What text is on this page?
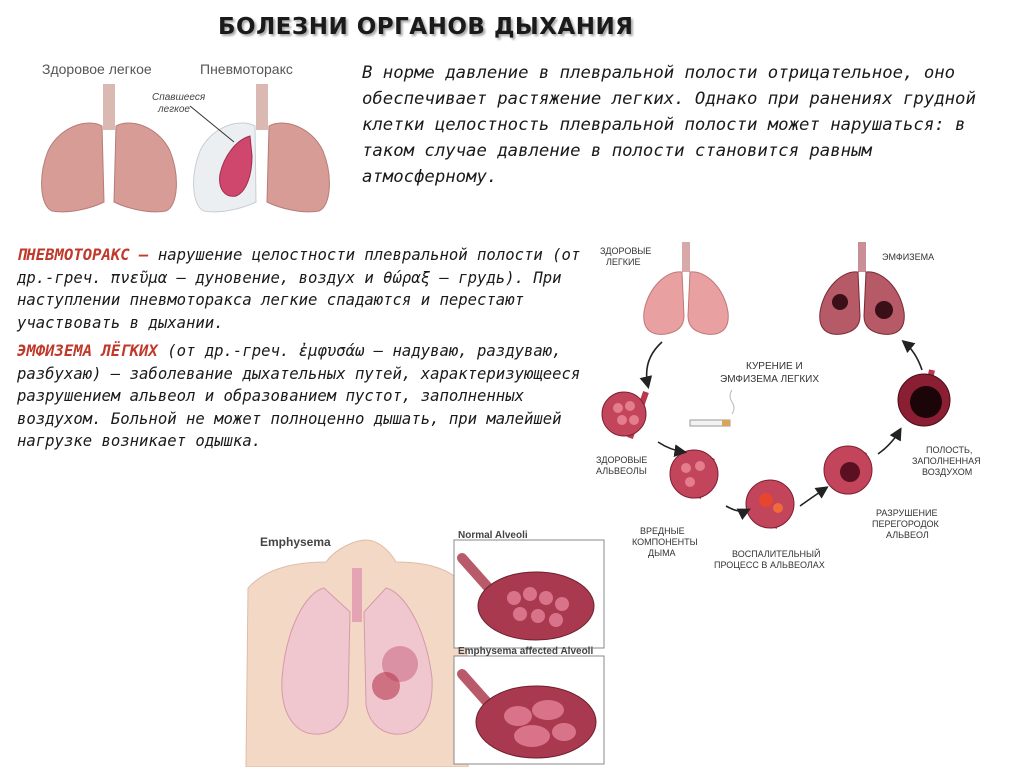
БОЛЕЗНИ ОРГАНОВ ДЫХАНИЯ
Здоровое легкое	Пневмоторакс
Спавшееся
легкое
В норме давление в плевральной полости отрицательное, оно обеспечивает растяжение легких. Однако при ранениях грудной клетки целостность плевральной полости может нарушаться: в таком случае давление в полости становится равным атмосферному.
ПНЕВМОТОРАКС – нарушение целостности плевральной полости (от др.-греч. πνεῦμα — дуновение, воздух и θώραξ — грудь). При наступлении пневмоторакса легкие спадаются и перестают участвовать в дыхании.
ЭМФИЗЕМА ЛЁГКИХ (от др.-греч. ἐμφυσάω — надуваю, раздуваю, разбухаю) — заболевание дыхательных путей, характеризующееся разрушением альвеол и образованием пустот, заполненных воздухом. Больной не может полноценно дышать, при малейшей нагрузке возникает одышка.
ЗДОРОВЫЕ
ЛЕГКИЕ	ЭМФИЗЕМА
КУРЕНИЕ И
ЭМФИЗЕМА ЛЕГКИХ
ЗДОРОВЫЕ
АЛЬВЕОЛЫ
ВРЕДНЫЕ
КОМПОНЕНТЫ
ДЫМА	ВОСПАЛИТЕЛЬНЫЙ
ПРОЦЕСС В АЛЬВЕОЛАХ
РАЗРУШЕНИЕ
ПЕРЕГОРОДОК
АЛЬВЕОЛ
ПОЛОСТЬ,
ЗАПОЛНЕННАЯ
ВОЗДУХОМ
Emphysema	Normal Alveoli
Emphysema affected Alveoli
